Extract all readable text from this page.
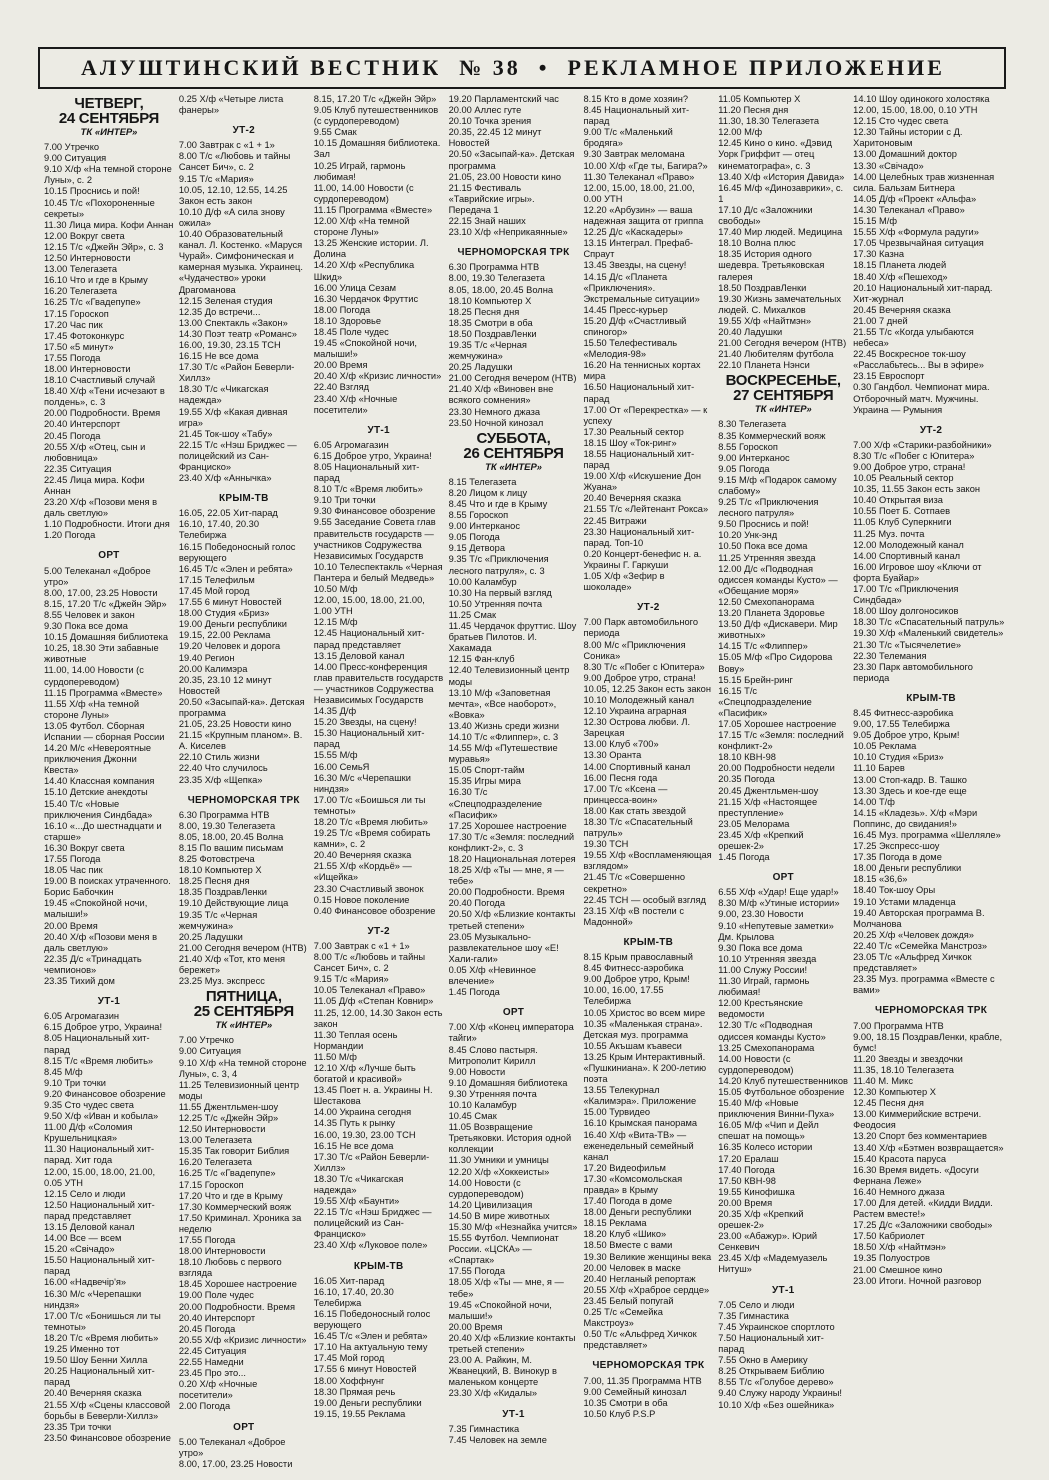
АЛУШТИНСКИЙ ВЕСТНИК № 38 • РЕКЛАМНОЕ ПРИЛОЖЕНИЕ
ЧЕТВЕРГ,
24 СЕНТЯБРЯ
ТК «ИНТЕР»
7.00 Утречко
9.00 Ситуация
9.10 Х/ф «На темной стороне Луны», с. 2
10.15 Проснись и пой!
10.45 Т/с «Похороненные секреты»
11.30 Лица мира. Кофи Аннан
12.00 Вокруг света
12.15 Т/с «Джейн Эйр», с. 3
12.50 Интерновости
13.00 Телегазета
16.10 Что и где в Крыму
16.20 Телегазета
16.25 Т/с «Гвадепупе»
17.15 Гороскоп
17.20 Час пик
17.45 Фотоконкурс
17.50 «5 минут»
17.55 Погода
18.00 Интерновости
18.10 Счастливый случай
18.40 Х/ф «Тени исчезают в полдень», с. 3
20.00 Подробности. Время
20.40 Интерспорт
20.45 Погода
20.55 Х/ф «Отец, сын и любовница»
22.35 Ситуация
22.45 Лица мира. Кофи Аннан
23.20 Х/ф «Позови меня в даль светлую»
1.10 Подробности. Итоги дня
1.20 Погода
ОРТ
5.00 Телеканал «Доброе утро»
8.00, 17.00, 23.25 Новости
8.15, 17.20 Т/с «Джейн Эйр»
8.55 Человек и закон
9.30 Пока все дома
10.15 Домашняя библиотека
10.25, 18.30 Эти забавные животные
11.00, 14.00 Новости (с сурдопереводом)
11.15 Программа «Вместе»
11.55 Х/ф «На темной стороне Луны»
13.05 Футбол. Сборная Испании — сборная России
14.20 М/с «Невероятные приключения Джонни Квеста»
14.40 Классная компания
15.10 Детские анекдоты
15.40 Т/с «Новые приключения Синдбада»
16.10 «...До шестнадцати и старше»
16.30 Вокруг света
17.55 Погода
18.05 Час пик
19.00 В поисках утраченного. Борис Бабочкин
19.45 «Спокойной ночи, малыши!»
20.00 Время
20.40 Х/ф «Позови меня в даль светлую»
22.35 Д/с «Тринадцать чемпионов»
23.35 Тихий дом
УТ-1
6.05 Агромагазин
6.15 Доброе утро, Украина!
8.05 Национальный хит-парад
8.15 Т/с «Время любить»
8.45 М/ф
9.10 Три точки
9.20 Финансовое обозрение
9.35 Сто чудес света
9.50 Х/ф «Иван и кобыла»
11.00 Д/ф «Соломия Крушельницкая»
11.30 Национальный хит-парад. Хит года
12.00, 15.00, 18.00, 21.00, 0.05 УТН
12.15 Село и люди
12.50 Национальный хит-парад представляет
13.15 Деловой канал
14.00 Все — всем
15.20 «Свічадо»
15.50 Национальный хит-парад
16.00 «Надвечір'я»
16.30 М/с «Черепашки ниндзя»
17.00 Т/с «Бонишься ли ты темноты»
18.20 Т/с «Время любить»
19.25 Именно тот
19.50 Шоу Бенни Хилла
20.25 Национальный хит-парад
20.40 Вечерняя сказка
21.55 Х/ф «Сцены классовой борьбы в Беверли-Хиллз»
23.35 Три точки
23.50 Финансовое обозрение
0.25 Х/ф «Четыре листа фанеры»
УТ-2
7.00 Завтрак с «1 + 1»
8.00 Т/с «Любовь и тайны Сансет Бич», с. 2
9.15 Т/с «Мария»
10.05, 12.10, 12.55, 14.25 Закон есть закон
10.10 Д/ф «А сила знову ожила»
10.40 Образовательный канал. Л. Костенко. «Маруся Чурай». Симфоническая и камерная музыка. Украинец. «Чудачество» уроки Драгоманова
12.15 Зеленая студия
12.35 До встречи...
13.00 Спектакль «Закон»
14.30 Поэт театр «Романс»
16.00, 19.30, 23.15 ТСН
16.15 Не все дома
17.30 Т/с «Район Беверли-Хиллз»
18.30 Т/с «Чикагская надежда»
19.55 Х/ф «Какая дивная игра»
21.45 Ток-шоу «Табу»
22.15 Т/с «Нэш Бриджес — полицейский из Сан-Франциско»
23.40 Х/ф «Аннычка»
КРЫМ-ТВ
16.05, 22.05 Хит-парад
16.10, 17.40, 20.30 Телебиржа
16.15 Победоносный голос верующего
16.45 Т/с «Элен и ребята»
17.15 Телефильм
17.45 Мой город
17.55 6 минут Новостей
18.00 Студия «Бриз»
19.00 Деньги республики
19.15, 22.00 Реклама
19.20 Человек и дорога
19.40 Регион
20.00 Калимэра
20.35, 23.10 12 минут Новостей
20.50 «Засыпай-ка». Детская программа
21.05, 23.25 Новости кино
21.15 «Крупным планом». В. А. Киселев
22.10 Стиль жизни
22.40 Что случилось
23.35 Х/ф «Щепка»
ЧЕРНОМОРСКАЯ ТРК
6.30 Программа НТВ
8.00, 19.30 Телегазета
8.05, 18.00, 20.45 Волна
8.15 По вашим письмам
8.25 Фотовстреча
18.10 Компьютер Х
18.25 Песня дня
18.35 ПоздравЛенки
19.10 Действующие лица
19.35 Т/с «Черная жемчужина»
20.25 Ладушки
21.00 Сегодня вечером (НТВ)
21.40 Х/ф «Тот, кто меня бережет»
23.25 Муз. экспресс
ПЯТНИЦА,
25 СЕНТЯБРЯ
ТК «ИНТЕР»
7.00 Утречко
9.00 Ситуация
9.10 Х/ф «На темной стороне Луны», с. 3, 4
11.25 Телевизионный центр моды
11.55 Джентльмен-шоу
12.25 Т/с «Джейн Эйр»
12.50 Интерновости
13.00 Телегазета
15.35 Так говорит Библия
16.20 Телегазета
16.25 Т/с «Гвадепупе»
17.15 Гороскоп
17.20 Что и где в Крыму
17.30 Коммерческий вояж
17.50 Криминал. Хроника за неделю
17.55 Погода
18.00 Интерновости
18.10 Любовь с первого взгляда
18.45 Хорошее настроение
19.00 Поле чудес
20.00 Подробности. Время
20.40 Интерспорт
20.45 Погода
20.55 Х/ф «Кризис личности»
22.45 Ситуация
22.55 Намедни
23.45 Про это...
0.20 Х/ф «Ночные посетители»
2.00 Погода
ОРТ
5.00 Телеканал «Доброе утро»
8.00, 17.00, 23.25 Новости
8.15, 17.20 Т/с «Джейн Эйр»
9.05 Клуб путешественников (с сурдопереводом)
9.55 Смак
10.15 Домашняя библиотека. Зал
10.25 Играй, гармонь любимая!
11.00, 14.00 Новости (с сурдопереводом)
11.15 Программа «Вместе»
12.00 Х/ф «На темной стороне Луны»
13.25 Женские истории. Л. Долина
14.20 Х/ф «Республика Шкид»
16.00 Улица Сезам
16.30 Чердачок Фруттис
18.00 Погода
18.10 Здоровье
18.45 Поле чудес
19.45 «Спокойной ночи, малыши!»
20.00 Время
20.40 Х/ф «Кризис личности»
22.40 Взгляд
23.40 Х/ф «Ночные посетители»
УТ-1
6.05 Агромагазин
6.15 Доброе утро, Украина!
8.05 Национальный хит-парад
8.10 Т/с «Время любить»
9.10 Три точки
9.30 Финансовое обозрение
9.55 Заседание Совета глав правительств государств — участников Содружества Независимых Государств
10.10 Телеспектакль «Черная Пантера и белый Медведь»
10.50 М/ф
12.00, 15.00, 18.00, 21.00, 1.00 УТН
12.15 М/ф
12.45 Национальный хит-парад представляет
13.15 Деловой канал
14.00 Пресс-конференция глав правительств государств — участников Содружества Независимых Государств
14.35 Д/ф
15.20 Звезды, на сцену!
15.30 Национальный хит-парад
15.55 М/ф
16.00 СемьЯ
16.30 М/с «Черепашки ниндзя»
17.00 Т/с «Боишься ли ты темноты»
18.20 Т/с «Время любить»
19.25 Т/с «Время собирать камни», с. 2
20.40 Вечерняя сказка
21.55 Х/ф «Кордьё» — «Ищейка»
23.30 Счастливый звонок
0.15 Новое поколение
0.40 Финансовое обозрение
УТ-2
7.00 Завтрак с «1 + 1»
8.00 Т/с «Любовь и тайны Сансет Бич», с. 2
9.15 Т/с «Мария»
10.05 Телеканал «Право»
11.05 Д/ф «Степан Ковнир»
11.25, 12.00, 14.30 Закон есть закон
11.30 Теплая осень Нормандии
11.50 М/ф
12.10 Х/ф «Лучше быть богатой и красивой»
13.45 Поет н. а. Украины Н. Шестакова
14.00 Украина сегодня
14.35 Путь к рынку
16.00, 19.30, 23.00 ТСН
16.15 Не все дома
17.30 Т/с «Район Беверли-Хиллз»
18.30 Т/с «Чикагская надежда»
19.55 Х/ф «Баунти»
22.15 Т/с «Нэш Бриджес — полицейский из Сан-Франциско»
23.40 Х/ф «Луковое поле»
КРЫМ-ТВ
16.05 Хит-парад
16.10, 17.40, 20.30 Телебиржа
16.15 Победоносный голос верующего
16.45 Т/с «Элен и ребята»
17.10 На актуальную тему
17.45 Мой город
17.55 6 минут Новостей
18.00 Хоффнунг
18.30 Прямая речь
19.00 Деньги республики
19.15, 19.55 Реклама
19.20 Парламентский час
20.00 Аллес гуте
20.10 Точка зрения
20.35, 22.45 12 минут Новостей
20.50 «Засыпай-ка». Детская программа
21.05, 23.00 Новости кино
21.15 Фестиваль «Таврийские игры». Передача 1
22.15 Знай наших
23.10 Х/ф «Неприкаянные»
ЧЕРНОМОРСКАЯ ТРК
6.30 Программа НТВ
8.00, 19.30 Телегазета
8.05, 18.00, 20.45 Волна
18.10 Компьютер Х
18.25 Песня дня
18.35 Смотри в оба
18.50 ПоздравЛенки
19.35 Т/с «Черная жемчужина»
20.25 Ладушки
21.00 Сегодня вечером (НТВ)
21.40 Х/ф «Виновен вне всякого сомнения»
23.30 Немного джаза
23.50 Ночной кинозал
СУББОТА,
26 СЕНТЯБРЯ
ТК «ИНТЕР»
8.15 Телегазета
8.20 Лицом к лицу
8.45 Что и где в Крыму
8.55 Гороскоп
9.00 Интерканос
9.05 Погода
9.15 Детвора
9.35 Т/с «Приключения лесного патруля», с. 3
10.00 Каламбур
10.30 На первый взгляд
10.50 Утренняя почта
11.25 Смак
11.45 Чердачок фруттис. Шоу братьев Пилотов. И. Хакамада
12.15 Фан-клуб
12.40 Телевизионный центр моды
13.10 М/ф «Заповетная мечта», «Все наоборот», «Вовка»
13.40 Жизнь среди жизни
14.10 Т/с «Флиппер», с. 3
14.55 М/ф «Путешествие муравья»
15.05 Спорт-тайм
15.35 Игры мира
16.30 Т/с «Спецподразделение «Пасифик»
17.25 Хорошее настроение
17.30 Т/с «Земля: последний конфликт-2», с. 3
18.20 Национальная лотерея
18.25 Х/ф «Ты — мне, я — тебе»
20.00 Подробности. Время
20.40 Погода
20.50 Х/ф «Близкие контакты третьей степени»
23.05 Музыкально-развлекательное шоу «Е! Хали-гали»
0.05 Х/ф «Невинное влечение»
1.45 Погода
ОРТ
7.00 Х/ф «Конец императора тайги»
8.45 Слово пастыря. Митрополит Кирилл
9.00 Новости
9.10 Домашняя библиотека
9.30 Утренняя почта
10.10 Каламбур
10.45 Смак
11.05 Возвращение Третьяковки. История одной коллекции
11.30 Умники и умницы
12.20 Х/ф «Хоккеисты»
14.00 Новости (с сурдопереводом)
14.20 Цивилизация
14.50 В мире животных
15.30 М/ф «Незнайка учится»
15.55 Футбол. Чемпионат России. «ЦСКА» — «Спартак»
17.55 Погода
18.05 Х/ф «Ты — мне, я — тебе»
19.45 «Спокойной ночи, малыши!»
20.00 Время
20.40 Х/ф «Близкие контакты третьей степени»
23.00 А. Райкин, М. Жванецкий, В. Винокур в маленьком концерте
23.30 Х/ф «Кидалы»
УТ-1
7.35 Гимнастика
7.45 Человек на земле
8.15 Кто в доме хозяин?
8.45 Национальный хит-парад
9.00 Т/с «Маленький бродяга»
9.30 Завтрак меломана
10.00 Х/ф «Где ты, Багира?»
11.30 Телеканал «Право»
12.00, 15.00, 18.00, 21.00, 0.00 УТН
12.20 «Арбузин» — ваша надежная защита от гриппа
12.25 Д/с «Каскадеры»
13.15 Интеграл. Префаб-Спраут
13.45 Звезды, на сцену!
14.15 Д/с «Планета «Приключения». Экстремальные ситуации»
14.45 Пресс-курьер
15.20 Д/ф «Счастливый спиногор»
15.50 Телефестиваль «Мелодия-98»
16.20 На теннисных кортах мира
16.50 Национальный хит-парад
17.00 От «Перекрестка» — к успеху
17.30 Реальный сектор
18.15 Шоу «Ток-ринг»
18.55 Национальный хит-парад
19.00 Х/ф «Искушение Дон Жуана»
20.40 Вечерняя сказка
21.55 Т/с «Лейтенант Рокса»
22.45 Витражи
23.30 Национальный хит-парад. Топ-10
0.20 Концерт-бенефис н. а. Украины Г. Гаркуши
1.05 Х/ф «Зефир в шоколаде»
УТ-2
7.00 Парк автомобильного периода
8.00 М/с «Приключения Соника»
8.30 Т/с «Побег с Юпитера»
9.00 Доброе утро, страна!
10.05, 12.25 Закон есть закон
10.10 Молодежный канал
12.10 Украина аграрная
12.30 Острова любви. Л. Зарецкая
13.00 Клуб «700»
13.30 Оранта
14.00 Спортивный канал
16.00 Песня года
17.00 Т/с «Ксена — принцесса-воин»
18.00 Как стать звездой
18.30 Т/с «Спасательный патруль»
19.30 ТСН
19.55 Х/ф «Воспламеняющая взглядом»
21.45 Т/с «Совершенно секретно»
22.45 ТСН — особый взгляд
23.15 Х/ф «В постели с Мадонной»
КРЫМ-ТВ
8.15 Крым православный
8.45 Фитнесс-аэробика
9.00 Доброе утро, Крым!
10.00, 16.00, 17.55 Телебиржа
10.05 Христос во всем мире
10.35 «Маленькая страна». Детская муз. программа
10.55 Акъшам къавеси
13.25 Крым Интерактивный. «Пушкиниана». К 200-летию поэта
13.55 Телекурнал «Калимэра». Приложение
15.00 Турвидео
16.10 Крымская панорама
16.40 Х/ф «Вита-ТВ» — еженедельный семейный канал
17.20 Видеофильм
17.30 «Комсомольская правда» в Крыму
17.40 Погода в доме
18.00 Деньги республики
18.15 Реклама
18.20 Клуб «Шико»
18.50 Вместе с вами
19.30 Великие женщины века
20.00 Человек в маске
20.40 Негланый репортаж
20.55 Х/ф «Храброе сердце»
23.45 Белый попугай
0.25 Т/с «Семейка Макстроуз»
0.50 Т/с «Альфред Хичкок представляет»
ЧЕРНОМОРСКАЯ ТРК
7.00, 11.35 Программа НТВ
9.00 Семейный кинозал
10.35 Смотри в оба
10.50 Клуб P.S.P
11.05 Компьютер Х
11.20 Песня дня
11.30, 18.30 Телегазета
12.00 М/ф
12.45 Кино о кино. «Дэвид Уорк Гриффит — отец кинематографа», с. 3
13.40 Х/ф «История Давида»
16.45 М/ф «Динозаврики», с. 1
17.10 Д/с «Заложники свободы»
17.40 Мир людей. Медицина
18.10 Волна плюс
18.35 История одного шедевра. Третьяковская галерея
18.50 ПоздравЛенки
19.30 Жизнь замечательных людей. С. Михалков
19.55 Х/ф «Найтмэн»
20.40 Ладушки
21.00 Сегодня вечером (НТВ)
21.40 Любителям футбола
22.10 Планета Нэнси
ВОСКРЕСЕНЬЕ,
27 СЕНТЯБРЯ
ТК «ИНТЕР»
8.30 Телегазета
8.35 Коммерческий вояж
8.55 Гороскоп
9.00 Интерканос
9.05 Погода
9.15 М/ф «Подарок самому слабому»
9.25 Т/с «Приключения лесного патруля»
9.50 Проснись и пой!
10.20 Унк-энд
10.50 Пока все дома
11.25 Утренняя звезда
12.00 Д/с «Подводная одиссея команды Кусто» — «Обещание моря»
12.50 Смехопанорама
13.20 Планета Здоровье
13.50 Д/ф «Дискавери. Мир животных»
14.15 Т/с «Флиппер»
15.05 М/ф «Про Сидорова Вову»
15.15 Брейн-ринг
16.15 Т/с «Спецподразделение «Пасифик»
17.05 Хорошее настроение
17.15 Т/с «Земля: последний конфликт-2»
18.10 КВН-98
20.00 Подробности недели
20.35 Погода
20.45 Джентльмен-шоу
21.15 Х/ф «Настоящее преступление»
23.05 Мелорама
23.45 Х/ф «Крепкий орешек-2»
1.45 Погода
ОРТ
6.55 Х/ф «Удар! Еще удар!»
8.30 М/ф «Утиные истории»
9.00, 23.30 Новости
9.10 «Непутевые заметки» Дм. Крылова
9.30 Пока все дома
10.10 Утренняя звезда
11.00 Служу России!
11.30 Играй, гармонь любимая!
12.00 Крестьянские ведомости
12.30 Т/с «Подводная одиссея команды Кусто»
13.25 Смехопанорама
14.00 Новости (с сурдопереводом)
14.20 Клуб путешественников
15.05 Футбольное обозрение
15.40 М/ф «Новые приключения Винни-Пуха»
16.05 М/ф «Чип и Дейл спешат на помощь»
16.35 Колесо истории
17.20 Ералаш
17.40 Погода
17.50 КВН-98
19.55 Кинофишка
20.00 Время
20.35 Х/ф «Крепкий орешек-2»
23.00 «Абажур». Юрий Сенкевич
23.45 Х/ф «Мадемуазель Нитуш»
УТ-1
7.05 Село и люди
7.35 Гимнастика
7.45 Украинское спортлото
7.50 Национальный хит-парад
7.55 Окно в Америку
8.25 Открываем Библию
8.55 Т/с «Голубое дерево»
9.40 Служу народу Украины!
10.10 Х/ф «Без ошейника»
14.10 Шоу одинокого холостяка
12.00, 15.00, 18.00, 0.10 УТН
12.15 Сто чудес света
12.30 Тайны истории с Д. Харитоновым
13.00 Домашний доктор
13.30 «Свічадо»
14.00 Целебных трав жизненная сила. Бальзам Битнера
14.05 Д/ф «Проект «Альфа»
14.30 Телеканал «Право»
15.15 М/ф
15.55 Х/ф «Формула радуги»
17.05 Чрезвычайная ситуация
17.30 Казна
18.15 Планета людей
18.40 Х/ф «Пешеход»
20.10 Национальный хит-парад. Хит-журнал
20.45 Вечерняя сказка
21.00 7 дней
21.55 Т/с «Когда улыбаются небеса»
22.45 Воскресное ток-шоу «Расслабьтесь... Вы в эфире»
23.15 Евроспорт
0.30 Гандбол. Чемпионат мира. Отборочный матч. Мужчины. Украина — Румыния
УТ-2
7.00 Х/ф «Старики-разбойники»
8.30 Т/с «Побег с Юпитера»
9.00 Доброе утро, страна!
10.05 Реальный сектор
10.35, 11.55 Закон есть закон
10.40 Открытая виза
10.55 Поет Б. Сотпаев
11.05 Клуб Суперкниги
11.25 Муз. почта
12.00 Молодежный канал
14.00 Спортивный канал
16.00 Игровое шоу «Ключи от форта Буайар»
17.00 Т/с «Приключения Синдбада»
18.00 Шоу долгоносиков
18.30 Т/с «Спасательный патруль»
19.30 Х/ф «Маленький свидетель»
21.30 Т/с «Тысячелетие»
22.30 Телемания
23.30 Парк автомобильного периода
КРЫМ-ТВ
8.45 Фитнесс-аэробика
9.00, 17.55 Телебиржа
9.05 Доброе утро, Крым!
10.05 Реклама
10.10 Студия «Бриз»
11.10 Барев
13.00 Стоп-кадр. В. Ташко
13.30 Здесь и кое-где еще
14.00 Т/ф
14.15 «Кладезь». Х/ф «Мэри Поппинс, до свидания!»
16.45 Муз. программа «Шелляле»
17.25 Экспресс-шоу
17.35 Погода в доме
18.00 Деньги республики
18.15 «36,6»
18.40 Ток-шоу Оры
19.10 Устами младенца
19.40 Авторская программа В. Молчанова
20.25 Х/ф «Человек дождя»
22.40 Т/с «Семейка Манстроз»
23.05 Т/с «Альфред Хичкок представляет»
23.35 Муз. программа «Вместе с вами»
ЧЕРНОМОРСКАЯ ТРК
7.00 Программа НТВ
9.00, 18.15 ПоздравЛенки, крабле, бумс!
11.20 Звезды и звездочки
11.35, 18.10 Телегазета
11.40 М. Микс
12.30 Компьютер Х
12.45 Песня дня
13.00 Киммерийские встречи. Феодосия
13.20 Спорт без комментариев
13.40 Х/ф «Бэтмен возвращается»
15.40 Красота паруса
16.30 Время видеть. «Досуги Фернана Леже»
16.40 Немного джаза
17.00 Для детей. «Кидди Видди. Растем вместе!»
17.25 Д/с «Заложники свободы»
17.50 Кабриолет
18.50 Х/ф «Найтмэн»
19.35 Полуостров
21.00 Смешное кино
23.00 Итоги. Ночной разговор
